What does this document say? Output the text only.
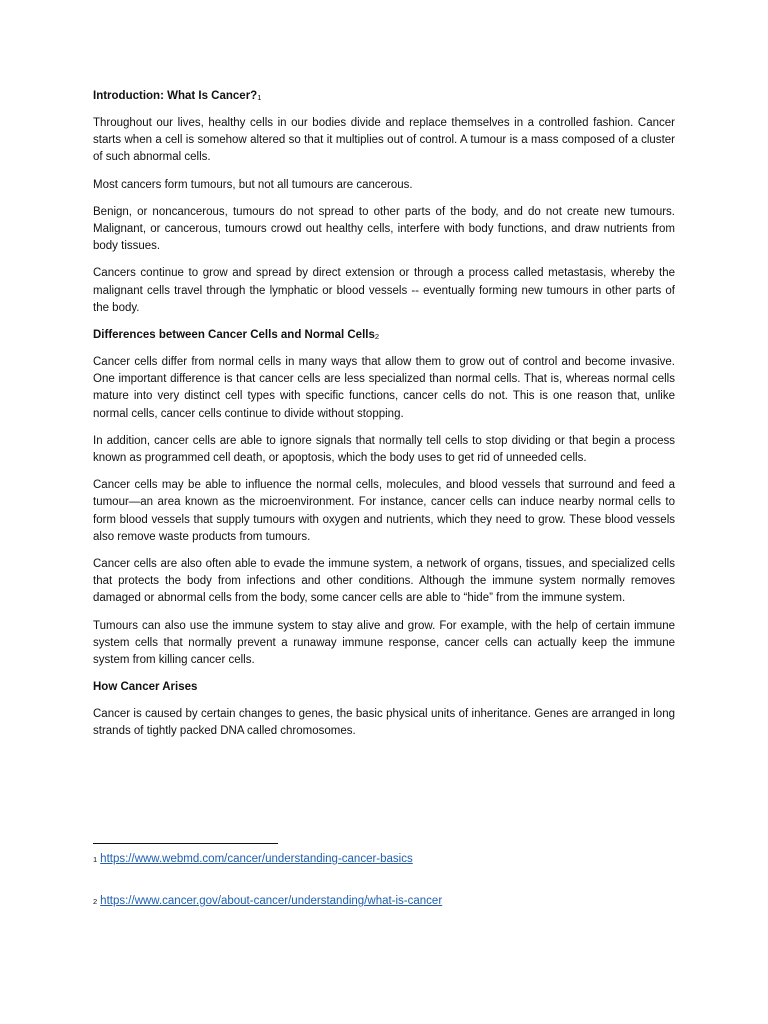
Introduction: What Is Cancer?$^1$

Throughout our lives, healthy cells in our bodies divide and replace themselves in a controlled fashion. Cancer starts when a cell is somehow altered so that it multiplies out of control. A tumour is a mass composed of a cluster of such abnormal cells.

Most cancers form tumours, but not all tumours are cancerous.

Benign, or noncancerous, tumours do not spread to other parts of the body, and do not create new tumours. Malignant, or cancerous, tumours crowd out healthy cells, interfere with body functions, and draw nutrients from body tissues.

Cancers continue to grow and spread by direct extension or through a process called metastasis, whereby the malignant cells travel through the lymphatic or blood vessels -- eventually forming new tumours in other parts of the body.

Differences between Cancer Cells and Normal Cells$^2$

Cancer cells differ from normal cells in many ways that allow them to grow out of control and become invasive. One important difference is that cancer cells are less specialized than normal cells. That is, whereas normal cells mature into very distinct cell types with specific functions, cancer cells do not. This is one reason that, unlike normal cells, cancer cells continue to divide without stopping.

In addition, cancer cells are able to ignore signals that normally tell cells to stop dividing or that begin a process known as programmed cell death, or apoptosis, which the body uses to get rid of unneeded cells.

Cancer cells may be able to influence the normal cells, molecules, and blood vessels that surround and feed a tumour—an area known as the microenvironment. For instance, cancer cells can induce nearby normal cells to form blood vessels that supply tumours with oxygen and nutrients, which they need to grow. These blood vessels also remove waste products from tumours.

Cancer cells are also often able to evade the immune system, a network of organs, tissues, and specialized cells that protects the body from infections and other conditions. Although the immune system normally removes damaged or abnormal cells from the body, some cancer cells are able to “hide” from the immune system.

Tumours can also use the immune system to stay alive and grow. For example, with the help of certain immune system cells that normally prevent a runaway immune response, cancer cells can actually keep the immune system from killing cancer cells.

How Cancer Arises

Cancer is caused by certain changes to genes, the basic physical units of inheritance. Genes are arranged in long strands of tightly packed DNA called chromosomes.

1 https://www.webmd.com/cancer/understanding-cancer-basics
2 https://www.cancer.gov/about-cancer/understanding/what-is-cancer
